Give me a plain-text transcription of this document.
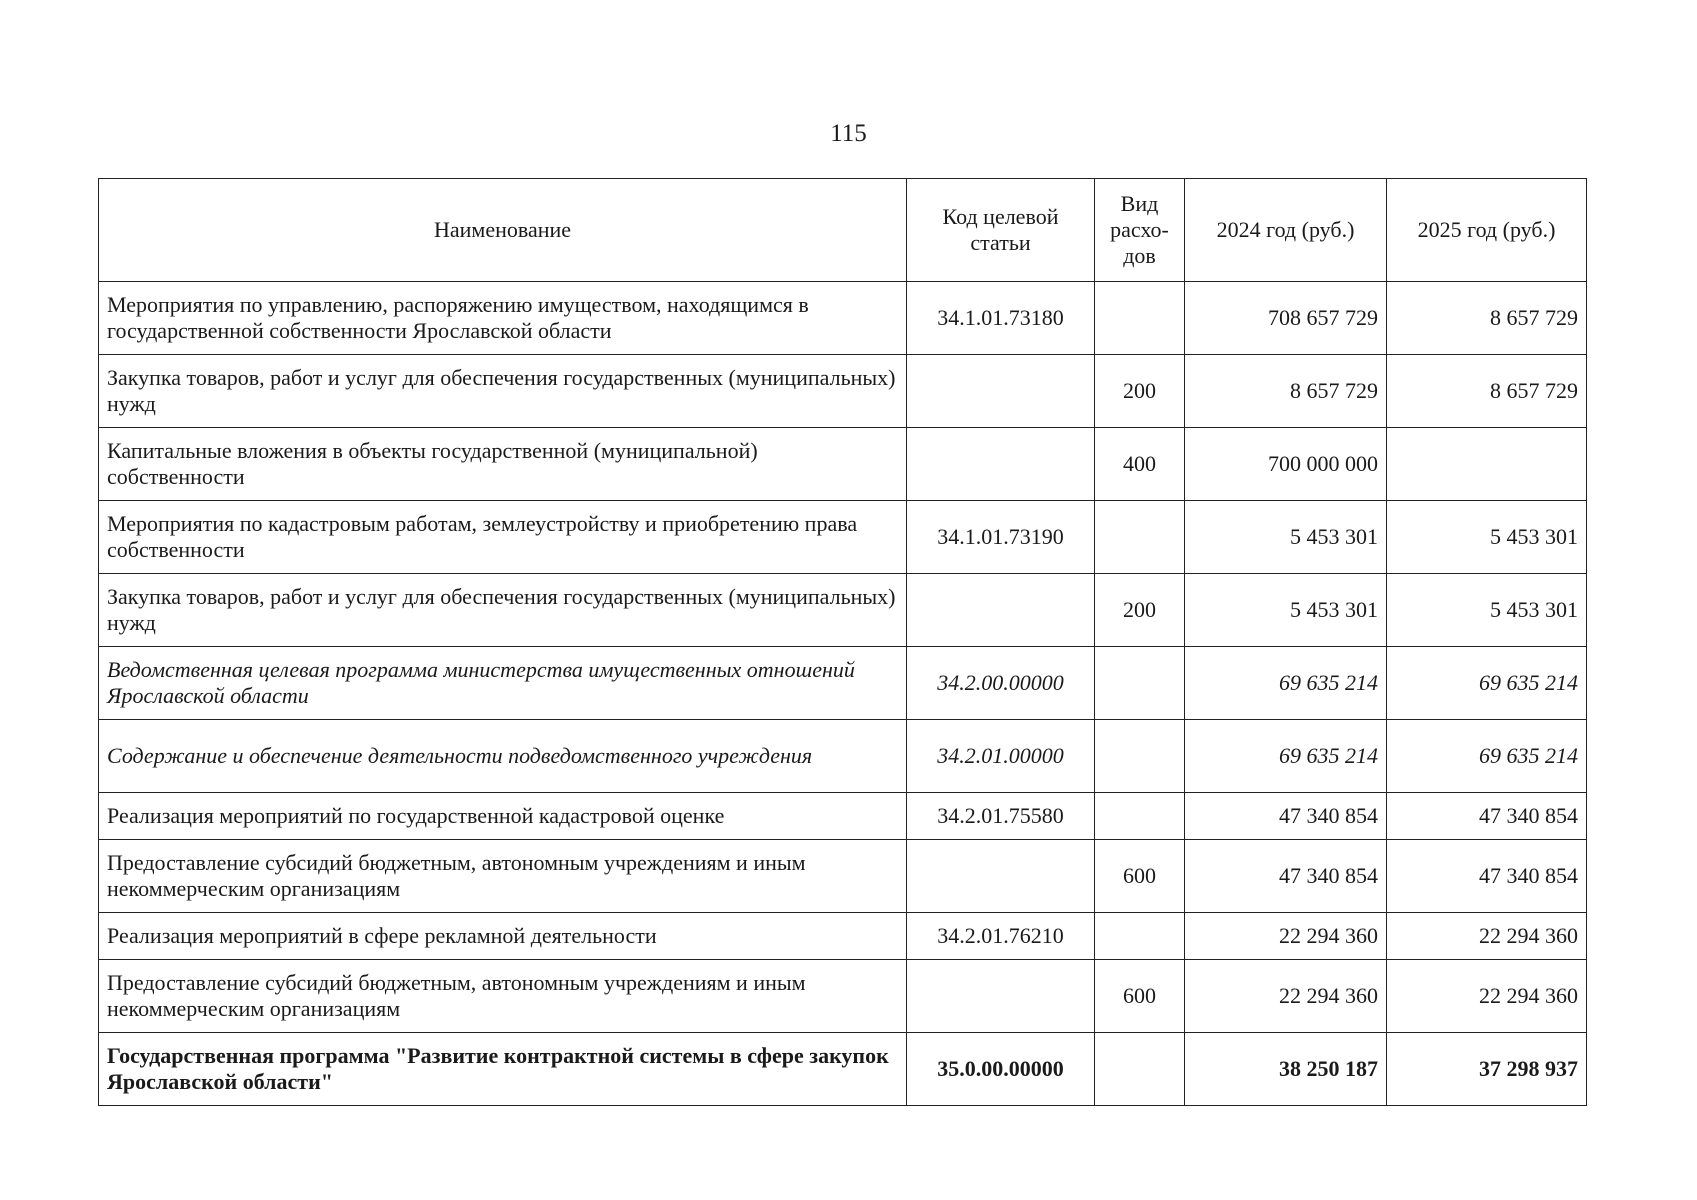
115
Наименование	Код целевой статьи	Вид расхо-дов	2024 год (руб.)	2025 год (руб.)
Мероприятия по управлению, распоряжению имуществом, находящимся в государственной собственности Ярославской области	34.1.01.73180		708 657 729	8 657 729
Закупка товаров, работ и услуг для обеспечения государственных (муниципальных) нужд		200	8 657 729	8 657 729
Капитальные вложения в объекты государственной (муниципальной) собственности		400	700 000 000	
Мероприятия по кадастровым работам, землеустройству и приобретению права собственности	34.1.01.73190		5 453 301	5 453 301
Закупка товаров, работ и услуг для обеспечения государственных (муниципальных) нужд		200	5 453 301	5 453 301
Ведомственная целевая программа министерства имущественных отношений Ярославской области	34.2.00.00000		69 635 214	69 635 214
Содержание и обеспечение деятельности подведомственного учреждения	34.2.01.00000		69 635 214	69 635 214
Реализация мероприятий по государственной кадастровой оценке	34.2.01.75580		47 340 854	47 340 854
Предоставление субсидий бюджетным, автономным учреждениям и иным некоммерческим организациям		600	47 340 854	47 340 854
Реализация мероприятий в сфере рекламной деятельности	34.2.01.76210		22 294 360	22 294 360
Предоставление субсидий бюджетным, автономным учреждениям и иным некоммерческим организациям		600	22 294 360	22 294 360
Государственная программа "Развитие контрактной системы в сфере закупок Ярославской области"	35.0.00.00000		38 250 187	37 298 937
